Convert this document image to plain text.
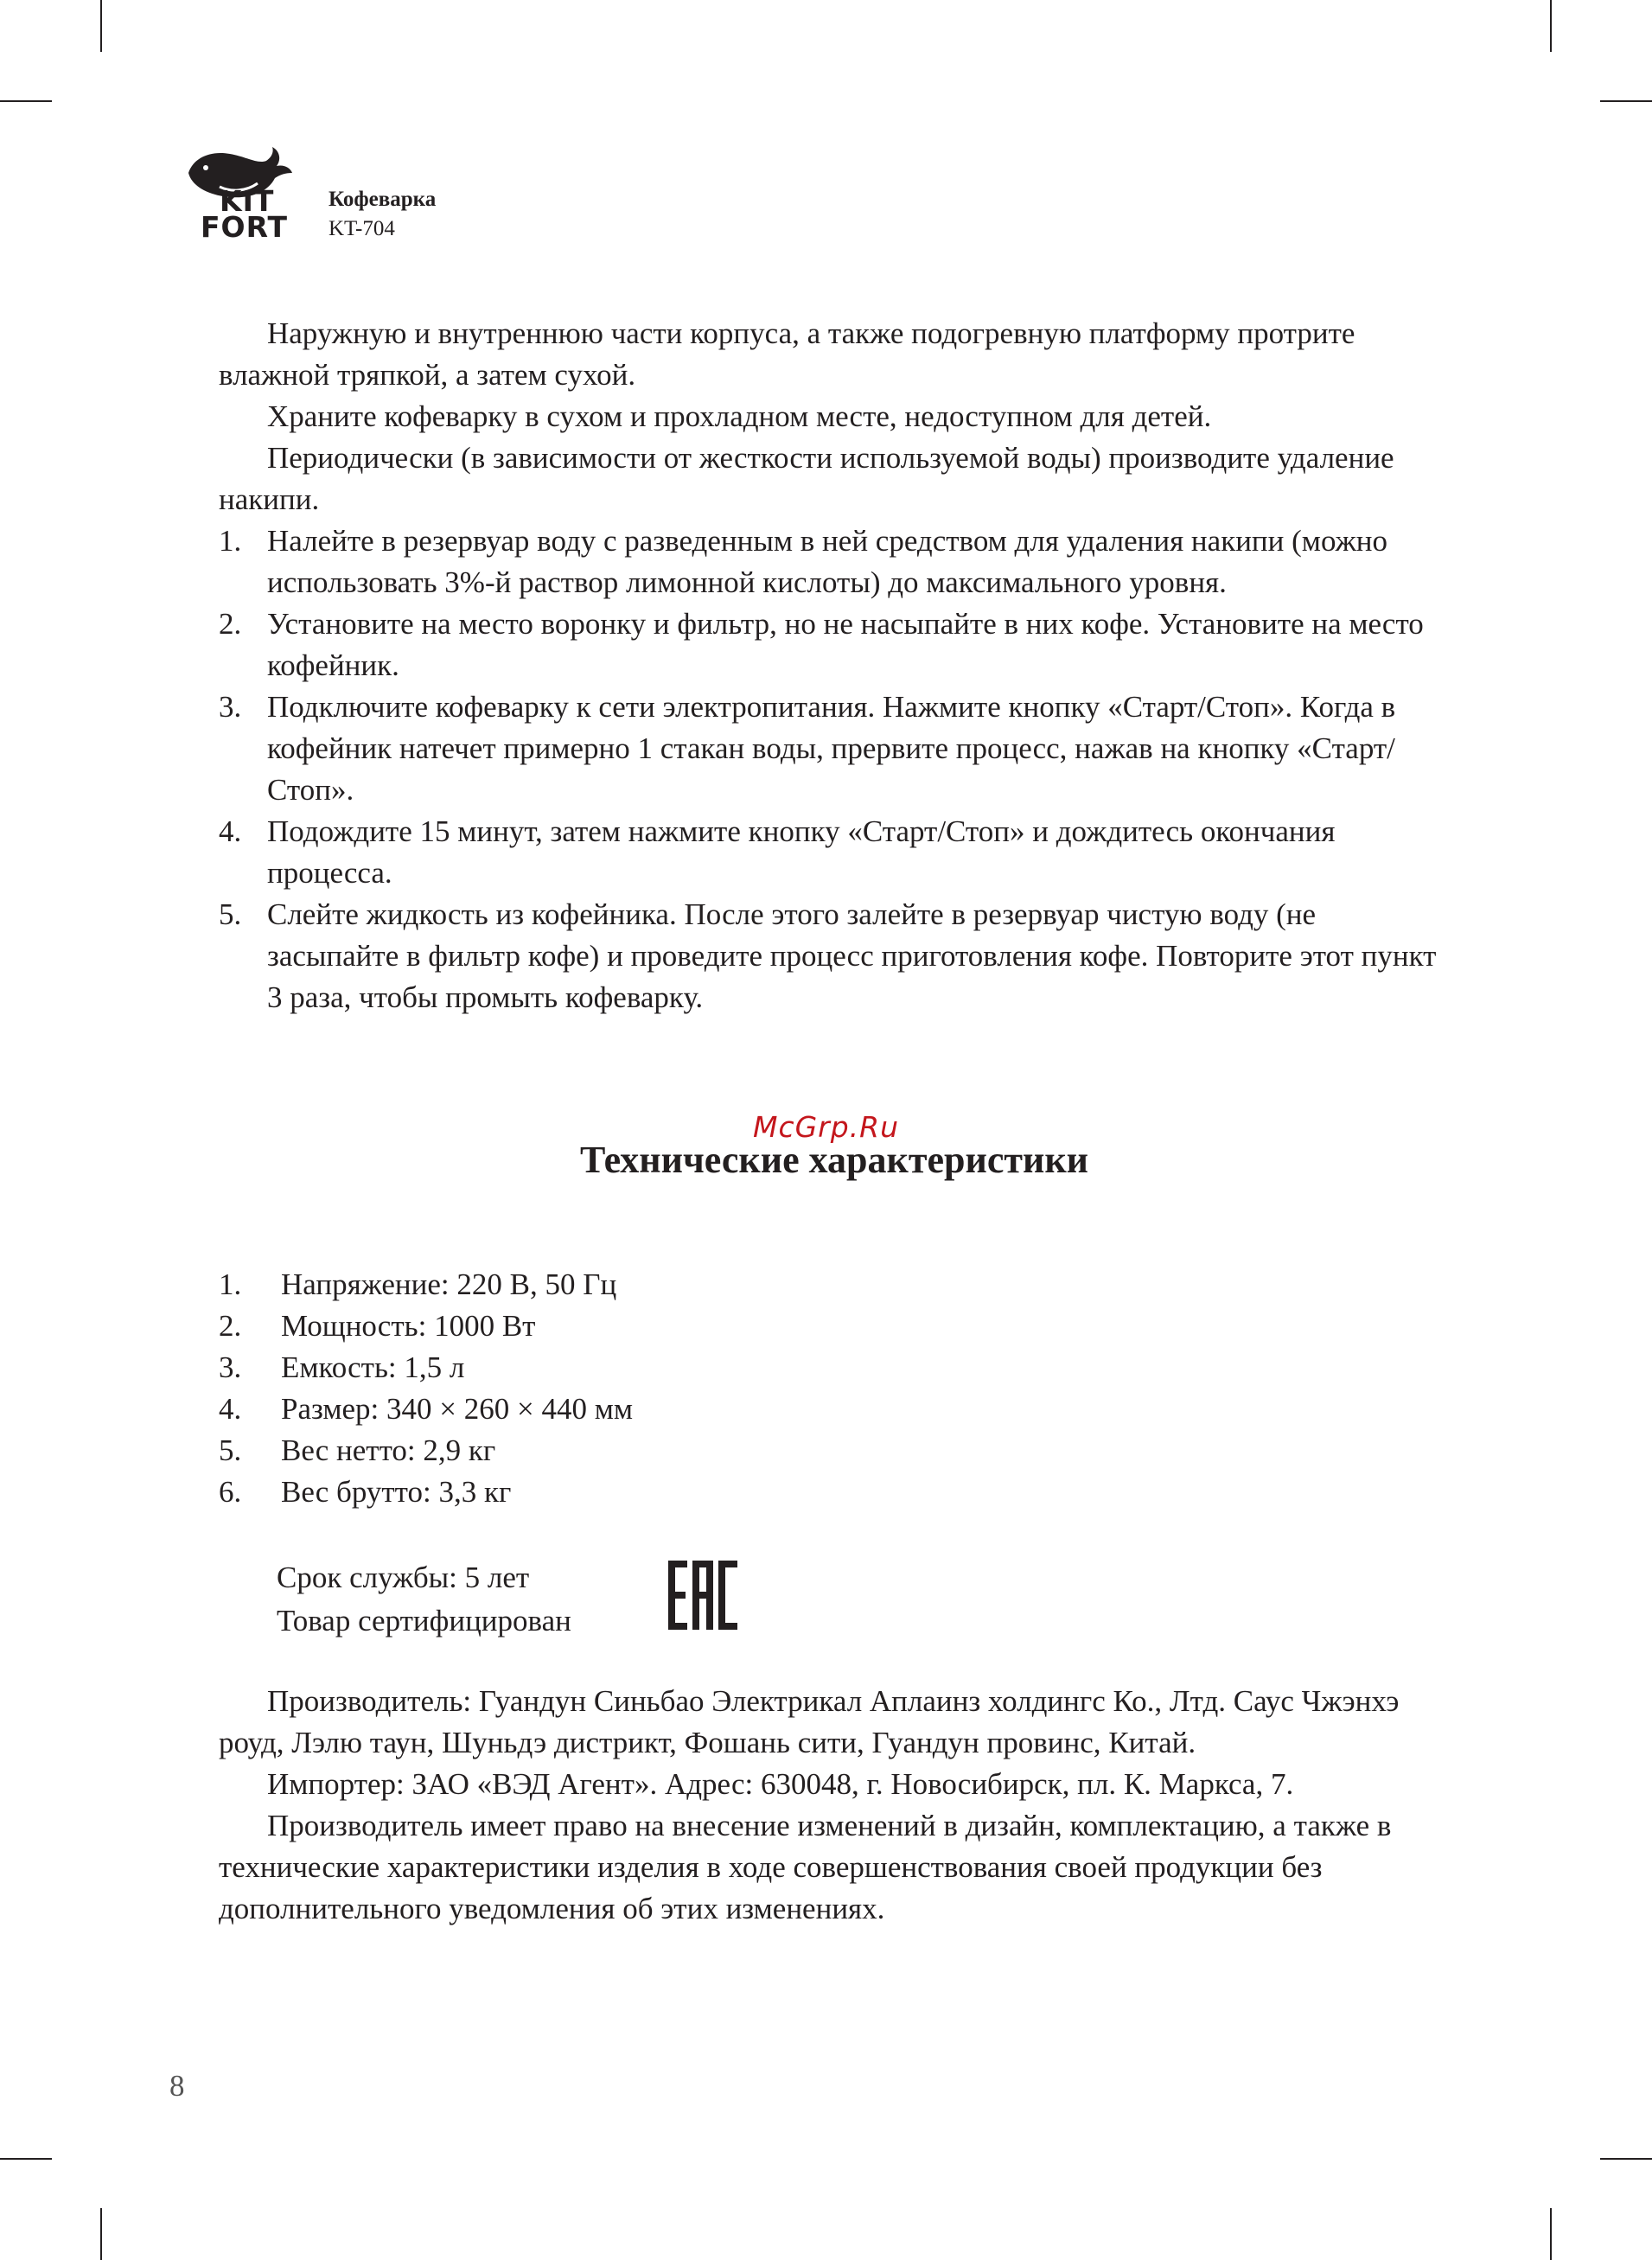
KIT
FORT
Кофеварка
KT-704

Наружную и внутреннюю части корпуса, а также подогревную платформу протрите влажной тряпкой, а затем сухой.

Храните кофеварку в сухом и прохладном месте, недоступном для детей.

Периодически (в зависимости от жесткости используемой воды) производите удаление накипи.

1. Налейте в резервуар воду с разведенным в ней средством для удаления накипи (можно использовать 3%-й раствор лимонной кислоты) до максимального уровня.
2. Установите на место воронку и фильтр, но не насыпайте в них кофе. Установите на место кофейник.
3. Подключите кофеварку к сети электропитания. Нажмите кнопку «Старт/Стоп». Когда в кофейник натечет примерно 1 стакан воды, прервите процесс, нажав на кнопку «Старт/Стоп».
4. Подождите 15 минут, затем нажмите кнопку «Старт/Стоп» и дождитесь окончания процесса.
5. Слейте жидкость из кофейника. После этого залейте в резервуар чистую воду (не засыпайте в фильтр кофе) и проведите процесс приготовления кофе. Повторите этот пункт 3 раза, чтобы промыть кофеварку.
McGrp.Ru
Технические характеристики
1. Напряжение: 220 В, 50 Гц
2. Мощность: 1000 Вт
3. Емкость: 1,5 л
4. Размер: 340 × 260 × 440 мм
5. Вес нетто: 2,9 кг
6. Вес брутто: 3,3 кг
Срок службы: 5 лет
Товар сертифицирован

Производитель: Гуандун Синьбао Электрикал Аплаинз холдингс Ко., Лтд. Саус Чжэнхэ роуд, Лэлю таун, Шуньдэ дистрикт, Фошань сити, Гуандун провинс, Китай.

Импортер: ЗАО «ВЭД Агент». Адрес: 630048, г. Новосибирск, пл. К. Маркса, 7.

Производитель имеет право на внесение изменений в дизайн, комплектацию, а также в технические характеристики изделия в ходе совершенствования своей продукции без дополнительного уведомления об этих изменениях.

8
